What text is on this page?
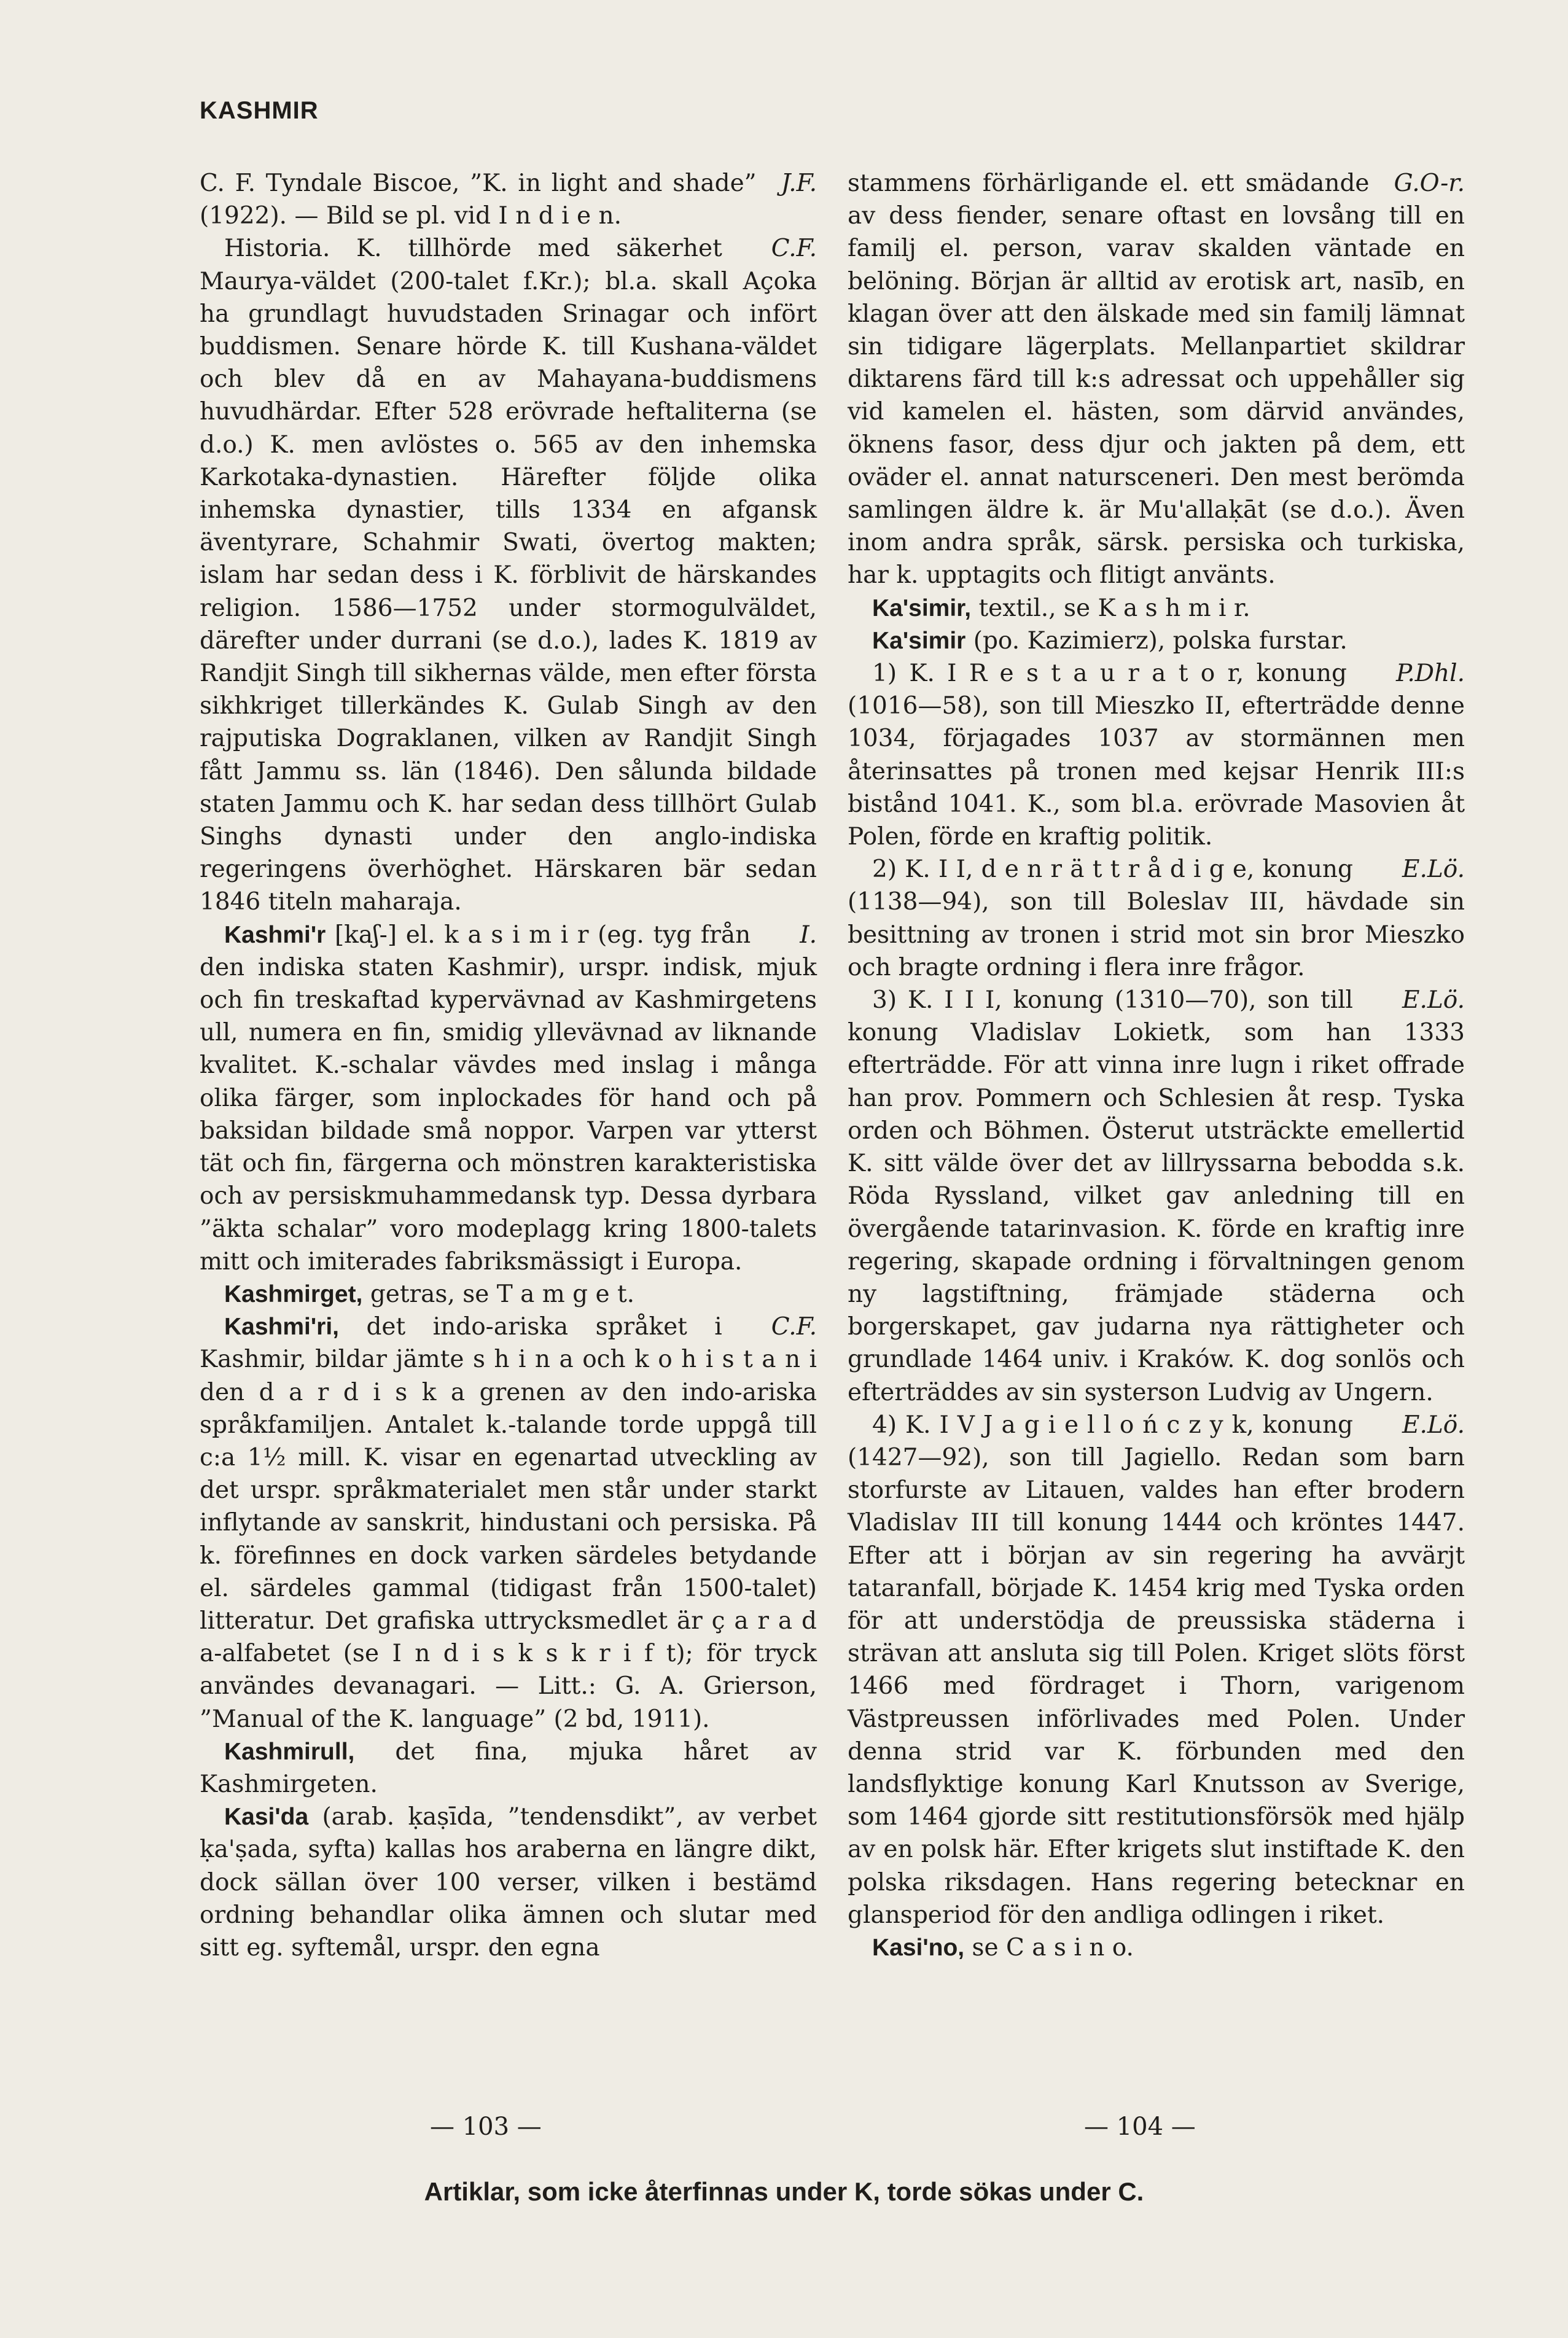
KASHMIR

J.F.
C. F. Tyndale Biscoe, ”K. in light and shade” (1922). — Bild se pl. vid I n d i e n.

C.F.
Historia. K. tillhörde med säkerhet Maurya-väldet (200-talet f.Kr.); bl.a. skall Açoka ha grundlagt huvudstaden Srinagar och infört buddismen. Senare hörde K. till Kushana-väldet och blev då en av Mahayana-buddismens huvudhärdar. Efter 528 erövrade heftaliterna (se d.o.) K. men avlöstes o. 565 av den inhemska Karkotaka-dynastien. Härefter följde olika inhemska dynastier, tills 1334 en afgansk äventyrare, Schahmir Swati, övertog makten; islam har sedan dess i K. förblivit de härskandes religion. 1586—1752 under stormogulväldet, därefter under durrani (se d.o.), lades K. 1819 av Randjit Singh till sikhernas välde, men efter första sikhkriget tillerkändes K. Gulab Singh av den rajputiska Dograklanen, vilken av Randjit Singh fått Jammu ss. län (1846). Den sålunda bildade staten Jammu och K. har sedan dess tillhört Gulab Singhs dynasti under den anglo-indiska regeringens överhöghet. Härskaren bär sedan 1846 titeln maharaja.

I.
Kashmi'r [kaʃ-] el. k a s i m i r (eg. tyg från den indiska staten Kashmir), urspr. indisk, mjuk och fin treskaftad kypervävnad av Kashmirgetens ull, numera en fin, smidig yllevävnad av liknande kvalitet. K.-schalar vävdes med inslag i många olika färger, som inplockades för hand och på baksidan bildade små noppor. Varpen var ytterst tät och fin, färgerna och mönstren karakteristiska och av persiskmuhammedansk typ. Dessa dyrbara ”äkta schalar” voro modeplagg kring 1800-talets mitt och imiterades fabriksmässigt i Europa.

Kashmirget, getras, se T a m g e t.

C.F.
Kashmi'ri, det indo-ariska språket i Kashmir, bildar jämte s h i n a och k o h i s t a n i den d a r d i s k a grenen av den indo-ariska språkfamiljen. Antalet k.-talande torde uppgå till c:a 1½ mill. K. visar en egenartad utveckling av det urspr. språkmaterialet men står under starkt inflytande av sanskrit, hindustani och persiska. På k. förefinnes en dock varken särdeles betydande el. särdeles gammal (tidigast från 1500-talet) litteratur. Det grafiska uttrycksmedlet är ç a r a d a-alfabetet (se I n d i s k s k r i f t); för tryck användes devanagari. — Litt.: G. A. Grierson, ”Manual of the K. language” (2 bd, 1911).

Kashmirull, det fina, mjuka håret av Kashmirgeten.

Kasi'da (arab. ḳaṣīda, ”tendensdikt”, av verbet ḳa'ṣada, syfta) kallas hos araberna en längre dikt, dock sällan över 100 verser, vilken i bestämd ordning behandlar olika ämnen och slutar med sitt eg. syftemål, urspr. den egna

G.O-r.
stammens förhärligande el. ett smädande av dess fiender, senare oftast en lovsång till en familj el. person, varav skalden väntade en belöning. Början är alltid av erotisk art, nasīb, en klagan över att den älskade med sin familj lämnat sin tidigare lägerplats. Mellanpartiet skildrar diktarens färd till k:s adressat och uppehåller sig vid kamelen el. hästen, som därvid användes, öknens fasor, dess djur och jakten på dem, ett oväder el. annat natursceneri. Den mest berömda samlingen äldre k. är Mu'allaḳāt (se d.o.). Även inom andra språk, särsk. persiska och turkiska, har k. upptagits och flitigt använts.

Ka'simir, textil., se K a s h m i r.

Ka'simir (po. Kazimierz), polska furstar.

P.Dhl.
1) K. I R e s t a u r a t o r, konung (1016—58), son till Mieszko II, efterträdde denne 1034, förjagades 1037 av stormännen men återinsattes på tronen med kejsar Henrik III:s bistånd 1041. K., som bl.a. erövrade Masovien åt Polen, förde en kraftig politik.

E.Lö.
2) K. I I, d e n r ä t t r å d i g e, konung (1138—94), son till Boleslav III, hävdade sin besittning av tronen i strid mot sin bror Mieszko och bragte ordning i flera inre frågor.

E.Lö.
3) K. I I I, konung (1310—70), son till konung Vladislav Lokietk, som han 1333 efterträdde. För att vinna inre lugn i riket offrade han prov. Pommern och Schlesien åt resp. Tyska orden och Böhmen. Österut utsträckte emellertid K. sitt välde över det av lillryssarna bebodda s.k. Röda Ryssland, vilket gav anledning till en övergående tatarinvasion. K. förde en kraftig inre regering, skapade ordning i förvaltningen genom ny lagstiftning, främjade städerna och borgerskapet, gav judarna nya rättigheter och grundlade 1464 univ. i Kraków. K. dog sonlös och efterträddes av sin systerson Ludvig av Ungern.

E.Lö.
4) K. I V J a g i e l l o ń c z y k, konung (1427—92), son till Jagiello. Redan som barn storfurste av Litauen, valdes han efter brodern Vladislav III till konung 1444 och kröntes 1447. Efter att i början av sin regering ha avvärjt tataranfall, började K. 1454 krig med Tyska orden för att understödja de preussiska städerna i strävan att ansluta sig till Polen. Kriget slöts först 1466 med fördraget i Thorn, varigenom Västpreussen införlivades med Polen. Under denna strid var K. förbunden med den landsflyktige konung Karl Knutsson av Sverige, som 1464 gjorde sitt restitutionsförsök med hjälp av en polsk här. Efter krigets slut instiftade K. den polska riksdagen. Hans regering betecknar en glansperiod för den andliga odlingen i riket.

Kasi'no, se C a s i n o.

— 103 —	— 104 —
Artiklar, som icke återfinnas under K, torde sökas under C.
